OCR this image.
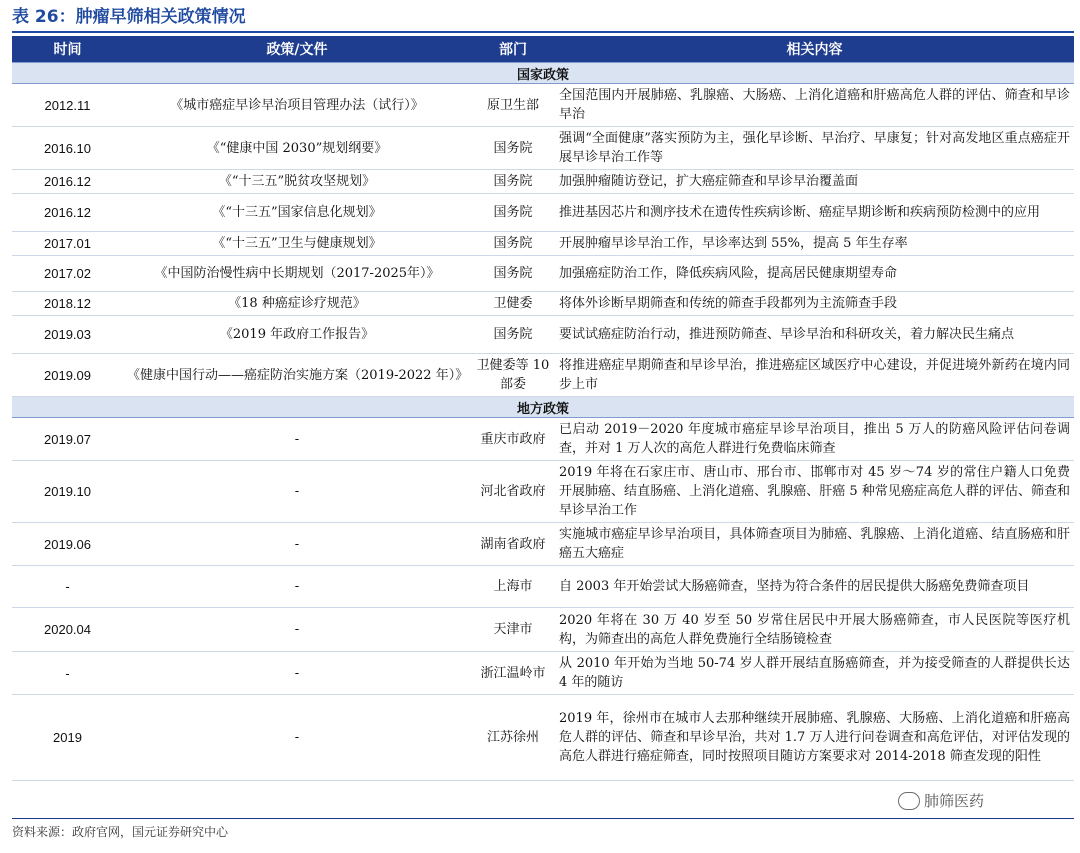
表 26：肿瘤早筛相关政策情况
时间	政策/文件	部门	相关内容
国家政策			
2012.11	《城市癌症早诊早治项目管理办法（试行）》	原卫生部	全国范围内开展肺癌、乳腺癌、大肠癌、上消化道癌和肝癌高危人群的评估、筛查和早诊早治
2016.10	《“健康中国 2030”规划纲要》	国务院	强调“全面健康”落实预防为主，强化早诊断、早治疗、早康复；针对高发地区重点癌症开展早诊早治工作等
2016.12	《“十三五”脱贫攻坚规划》	国务院	加强肿瘤随访登记，扩大癌症筛查和早诊早治覆盖面
2016.12	《“十三五”国家信息化规划》	国务院	推进基因芯片和测序技术在遗传性疾病诊断、癌症早期诊断和疾病预防检测中的应用
2017.01	《“十三五”卫生与健康规划》	国务院	开展肿瘤早诊早治工作，早诊率达到 55%，提高 5 年生存率
2017.02	《中国防治慢性病中长期规划（2017-2025年）》	国务院	加强癌症防治工作，降低疾病风险，提高居民健康期望寿命
2018.12	《18 种癌症诊疗规范》	卫健委	将体外诊断早期筛查和传统的筛查手段都列为主流筛查手段
2019.03	《2019 年政府工作报告》	国务院	要试试癌症防治行动，推进预防筛查、早诊早治和科研攻关，着力解决民生痛点
2019.09	《健康中国行动——癌症防治实施方案（2019-2022 年）》	卫健委等 10 部委	将推进癌症早期筛查和早诊早治，推进癌症区域医疗中心建设，并促进境外新药在境内同步上市
地方政策			
2019.07	-	重庆市政府	已启动 2019－2020 年度城市癌症早诊早治项目，推出 5 万人的防癌风险评估问卷调查，并对 1 万人次的高危人群进行免费临床筛查
2019.10	-	河北省政府	2019 年将在石家庄市、唐山市、邢台市、邯郸市对 45 岁～74 岁的常住户籍人口免费开展肺癌、结直肠癌、上消化道癌、乳腺癌、肝癌 5 种常见癌症高危人群的评估、筛查和早诊早治工作
2019.06	-	湖南省政府	实施城市癌症早诊早治项目，具体筛查项目为肺癌、乳腺癌、上消化道癌、结直肠癌和肝癌五大癌症
-	-	上海市	自 2003 年开始尝试大肠癌筛查，坚持为符合条件的居民提供大肠癌免费筛查项目
2020.04	-	天津市	2020 年将在 30 万 40 岁至 50 岁常住居民中开展大肠癌筛查，市人民医院等医疗机构，为筛查出的高危人群免费施行全结肠镜检查
-	-	浙江温岭市	从 2010 年开始为当地 50-74 岁人群开展结直肠癌筛查，并为接受筛查的人群提供长达 4 年的随访
2019	-	江苏徐州	2019 年，徐州市在城市人去那种继续开展肺癌、乳腺癌、大肠癌、上消化道癌和肝癌高危人群的评估、筛查和早诊早治，共对 1.7 万人进行问卷调查和高危评估，对评估发现的高危人群进行癌症筛查，同时按照项目随访方案要求对 2014-2018 筛查发现的阳性
肺筛医药
资料来源：政府官网，国元证券研究中心
